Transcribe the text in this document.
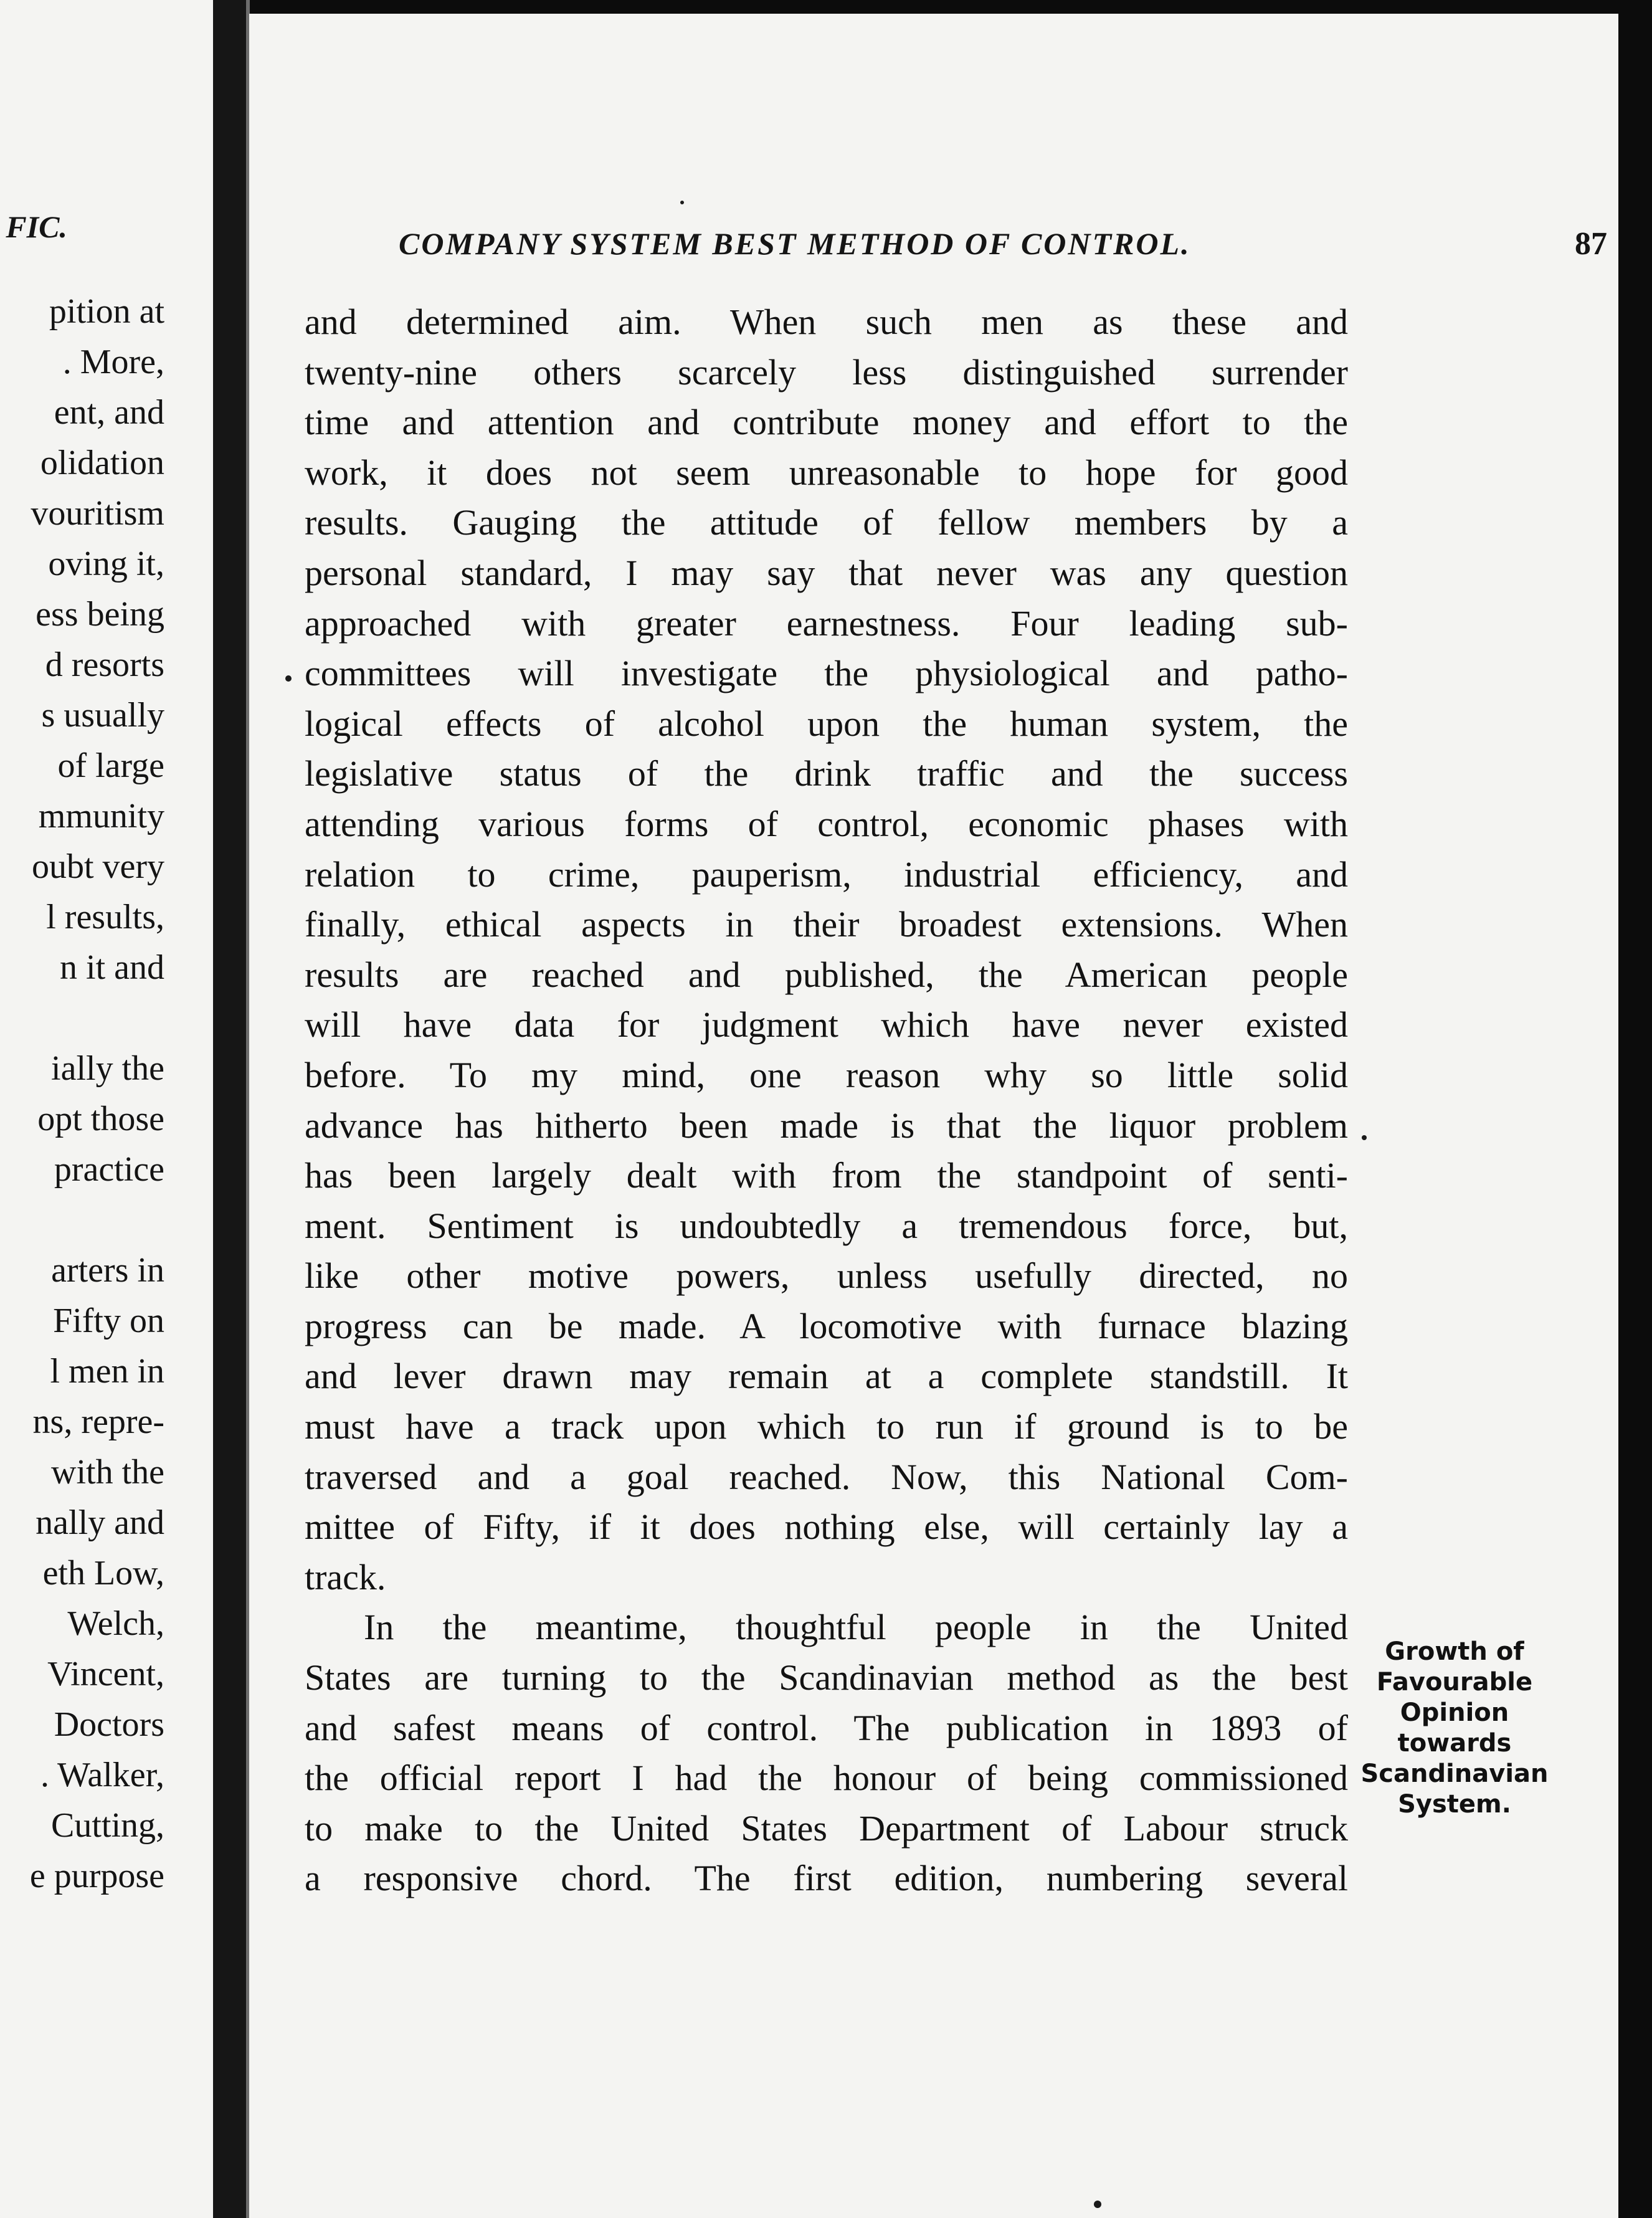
FIC.
pition at
. More,
ent, and
olidation
vouritism
oving it,
ess being
d resorts
s usually
of large
mmunity
oubt very
l results,
n it and
ially the
opt those
practice
arters in
Fifty on
l men in
ns, repre-
with the
nally and
eth Low,
Welch,
Vincent,
Doctors
. Walker,
Cutting,
e purpose
COMPANY SYSTEM BEST METHOD OF CONTROL.	87
and determined aim. When such men as these and
twenty-nine others scarcely less distinguished surrender
time and attention and contribute money and effort to the
work, it does not seem unreasonable to hope for good
results. Gauging the attitude of fellow members by a
personal standard, I may say that never was any question
approached with greater earnestness. Four leading sub-
committees will investigate the physiological and patho-
logical effects of alcohol upon the human system, the
legislative status of the drink traffic and the success
attending various forms of control, economic phases with
relation to crime, pauperism, industrial efficiency, and
finally, ethical aspects in their broadest extensions. When
results are reached and published, the American people
will have data for judgment which have never existed
before. To my mind, one reason why so little solid
advance has hitherto been made is that the liquor problem
has been largely dealt with from the standpoint of senti-
ment. Sentiment is undoubtedly a tremendous force, but,
like other motive powers, unless usefully directed, no
progress can be made. A locomotive with furnace blazing
and lever drawn may remain at a complete standstill. It
must have a track upon which to run if ground is to be
traversed and a goal reached. Now, this National Com-
mittee of Fifty, if it does nothing else, will certainly lay a
track.
In the meantime, thoughtful people in the United
States are turning to the Scandinavian method as the best
and safest means of control. The publication in 1893 of
the official report I had the honour of being commissioned
to make to the United States Department of Labour struck
a responsive chord. The first edition, numbering several
Growth of
Favourable
Opinion
towards
Scandinavian
System.
